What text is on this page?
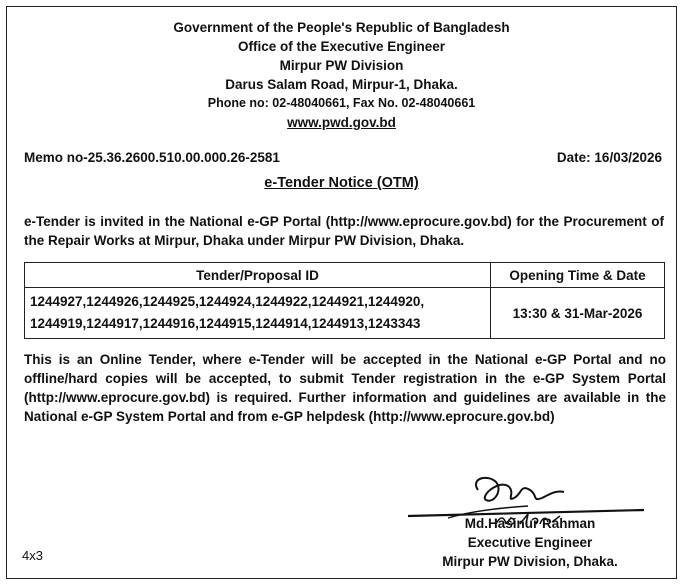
Government of the People's Republic of Bangladesh
Office of the Executive Engineer
Mirpur PW Division
Darus Salam Road, Mirpur-1, Dhaka.
Phone no: 02-48040661, Fax No. 02-48040661
www.pwd.gov.bd
Memo no-25.36.2600.510.00.000.26-2581	Date: 16/03/2026
e-Tender Notice (OTM)
e-Tender is invited in the National e-GP Portal (http://www.eprocure.gov.bd) for the Procurement of the Repair Works at Mirpur, Dhaka under Mirpur PW Division, Dhaka.
Tender/Proposal ID	Opening Time & Date

1244927,1244926,1244925,1244924,1244922,1244921,1244920,
1244919,1244917,1244916,1244915,1244914,1244913,1243343	13:30 & 31-Mar-2026
This is an Online Tender, where e-Tender will be accepted in the National e-GP Portal and no offline/hard copies will be accepted, to submit Tender registration in the e-GP System Portal (http://www.eprocure.gov.bd) is required. Further information and guidelines are available in the National e-GP System Portal and from e-GP helpdesk (http://www.eprocure.gov.bd)
Md.Hasinur Rahman
Executive Engineer
Mirpur PW Division, Dhaka.
4x3
